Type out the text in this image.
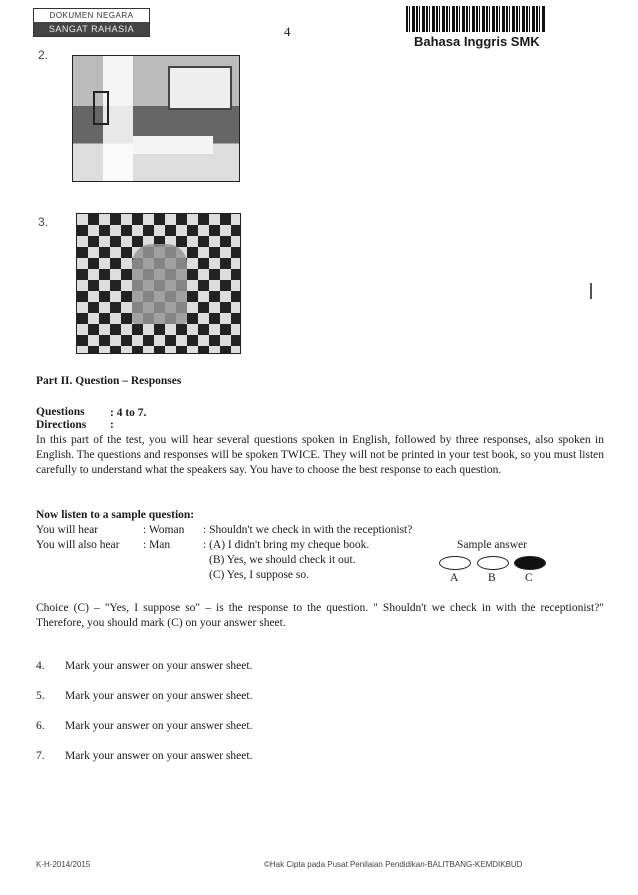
DOKUMEN NEGARA
SANGAT RAHASIA	4
Bahasa Inggris SMK
2.
3.
Part II. Question – Responses
Questions : 4 to 7.
Directions :
In this part of the test, you will hear several questions spoken in English, followed by three responses, also spoken in English. The questions and responses will be spoken TWICE. They will not be printed in your test book, so you must listen carefully to understand what the speakers say. You have to choose the best response to each question.
Now listen to a sample question:
You will hear	: Woman : Shouldn't we check in with the receptionist?
You will also hear : Man	: (A) I didn't bring my cheque book.
(B) Yes, we should check it out.
(C) Yes, I suppose so.
Sample answer
A	B	C
Choice (C) – "Yes, I suppose so" – is the response to the question. " Shouldn't we check in with the receptionist?" Therefore, you should mark (C) on your answer sheet.
4. Mark your answer on your answer sheet.
5. Mark your answer on your answer sheet.
6. Mark your answer on your answer sheet.
7. Mark your answer on your answer sheet.
K-H-2014/2015	©Hak Cipta pada Pusat Penilaian Pendidikan-BALITBANG-KEMDIKBUD
